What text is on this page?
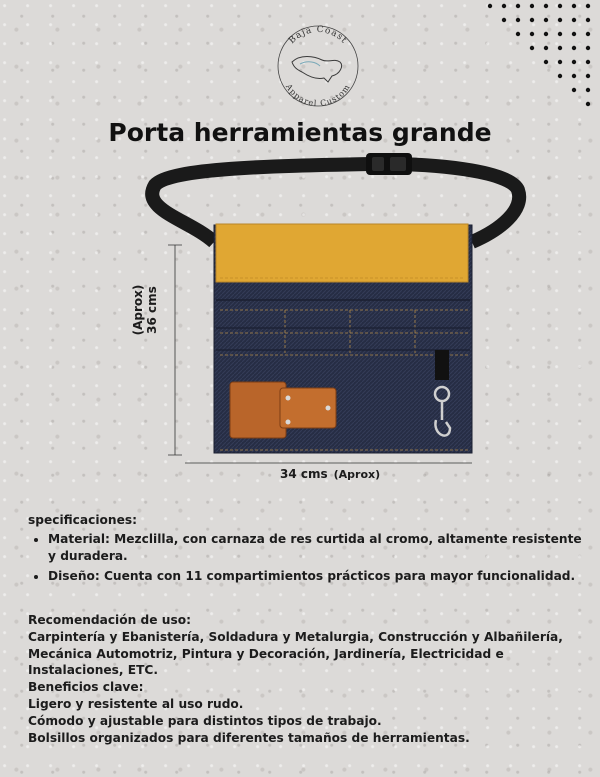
Baja Coast
Apparel Custom
Porta herramientas grande
(Aprox) 36 cms
34 cms (Aprox)
specificaciones:
• Material: Mezclilla, con carnaza de res curtida al cromo, altamente resistente y duradera.
• Diseño: Cuenta con 11 compartimientos prácticos para mayor funcionalidad.

Recomendación de uso:

Carpintería y Ebanistería, Soldadura y Metalurgia, Construcción y Albañilería, Mecánica Automotriz, Pintura y Decoración, Jardinería, Electricidad e Instalaciones, ETC.

Beneficios clave:

Ligero y resistente al uso rudo.

Cómodo y ajustable para distintos tipos de trabajo.

Bolsillos organizados para diferentes tamaños de herramientas.
